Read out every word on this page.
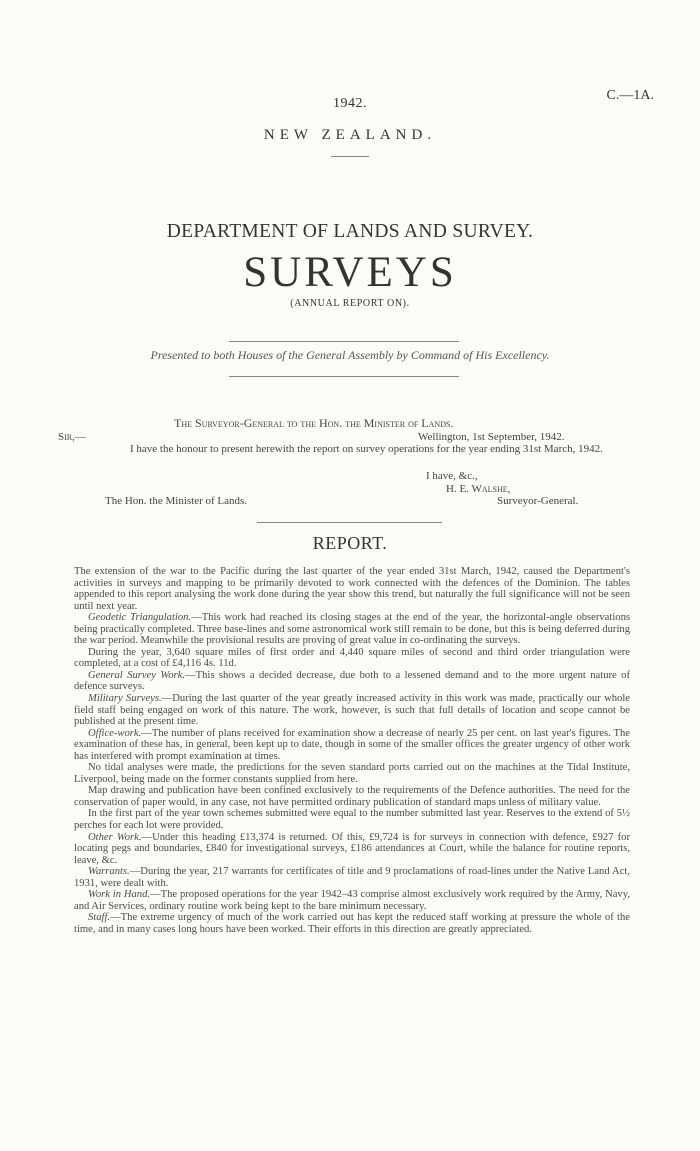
1942.
C.—1A.
NEW ZEALAND.
DEPARTMENT OF LANDS AND SURVEY.
SURVEYS
(ANNUAL REPORT ON).
Presented to both Houses of the General Assembly by Command of His Excellency.
The Surveyor-General to the Hon. the Minister of Lands.
Sir,—	Wellington, 1st September, 1942.
I have the honour to present herewith the report on survey operations for the year ending 31st March, 1942.
I have, &c.,
H. E. Walshe,
The Hon. the Minister of Lands.	Surveyor-General.
REPORT.

The extension of the war to the Pacific during the last quarter of the year ended 31st March, 1942, caused the Department's activities in surveys and mapping to be primarily devoted to work connected with the defences of the Dominion. The tables appended to this report analysing the work done during the year show this trend, but naturally the full significance will not be seen until next year.

Geodetic Triangulation.—This work had reached its closing stages at the end of the year, the horizontal-angle observations being practically completed. Three base-lines and some astronomical work still remain to be done, but this is being deferred during the war period. Meanwhile the provisional results are proving of great value in co-ordinating the surveys.

During the year, 3,640 square miles of first order and 4,440 square miles of second and third order triangulation were completed, at a cost of £4,116 4s. 11d.

General Survey Work.—This shows a decided decrease, due both to a lessened demand and to the more urgent nature of defence surveys.

Military Surveys.—During the last quarter of the year greatly increased activity in this work was made, practically our whole field staff being engaged on work of this nature. The work, however, is such that full details of location and scope cannot be published at the present time.

Office-work.—The number of plans received for examination show a decrease of nearly 25 per cent. on last year's figures. The examination of these has, in general, been kept up to date, though in some of the smaller offices the greater urgency of other work has interfered with prompt examination at times.

No tidal analyses were made, the predictions for the seven standard ports carried out on the machines at the Tidal Institute, Liverpool, being made on the former constants supplied from here.

Map drawing and publication have been confined exclusively to the requirements of the Defence authorities. The need for the conservation of paper would, in any case, not have permitted ordinary publication of standard maps unless of military value.

In the first part of the year town schemes submitted were equal to the number submitted last year. Reserves to the extend of 5½ perches for each lot were provided.

Other Work.—Under this heading £13,374 is returned. Of this, £9,724 is for surveys in connection with defence, £927 for locating pegs and boundaries, £840 for investigational surveys, £186 attendances at Court, while the balance for routine reports, leave, &c.

Warrants.—During the year, 217 warrants for certificates of title and 9 proclamations of road-lines under the Native Land Act, 1931, were dealt with.

Work in Hand.—The proposed operations for the year 1942–43 comprise almost exclusively work required by the Army, Navy, and Air Services, ordinary routine work being kept to the bare minimum necessary.

Staff.—The extreme urgency of much of the work carried out has kept the reduced staff working at pressure the whole of the time, and in many cases long hours have been worked. Their efforts in this direction are greatly appreciated.
